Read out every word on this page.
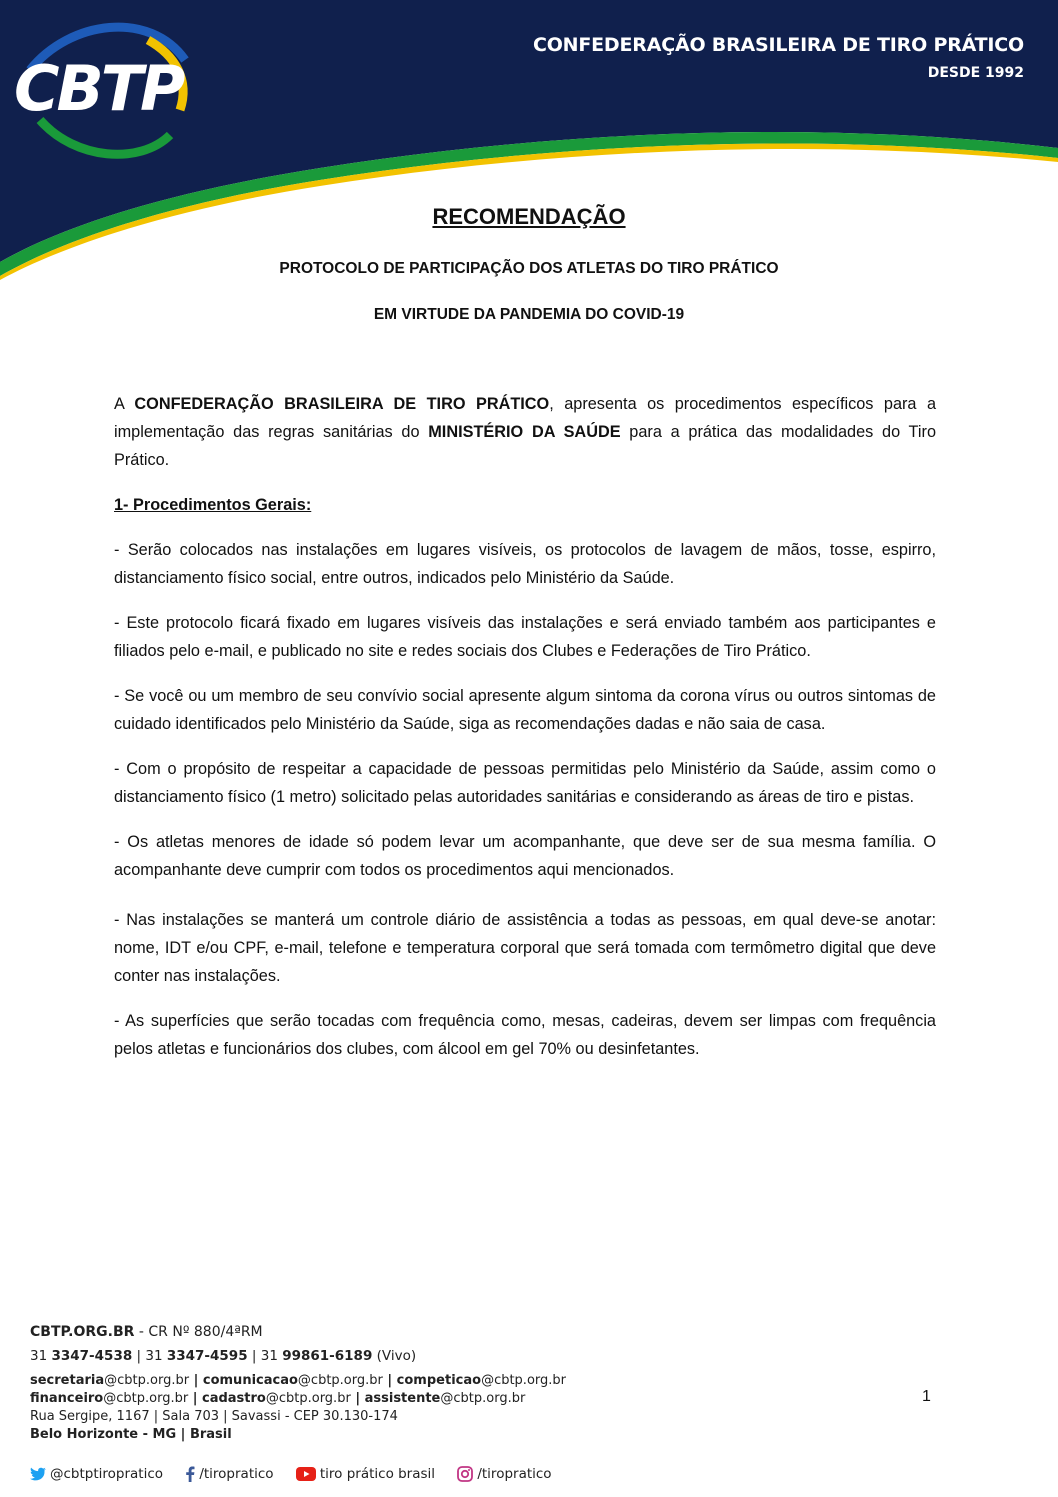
CBTP
CONFEDERAÇÃO BRASILEIRA DE TIRO PRÁTICO
DESDE 1992
RECOMENDAÇÃO
PROTOCOLO DE PARTICIPAÇÃO DOS ATLETAS DO TIRO PRÁTICO
EM VIRTUDE DA PANDEMIA DO COVID-19

A CONFEDERAÇÃO BRASILEIRA DE TIRO PRÁTICO, apresenta os procedimentos específicos para a implementação das regras sanitárias do MINISTÉRIO DA SAÚDE para a prática das modalidades do Tiro Prático.

1- Procedimentos Gerais:

- Serão colocados nas instalações em lugares visíveis, os protocolos de lavagem de mãos, tosse, espirro, distanciamento físico social, entre outros, indicados pelo Ministério da Saúde.

- Este protocolo ficará fixado em lugares visíveis das instalações e será enviado também aos participantes e filiados pelo e-mail, e publicado no site e redes sociais dos Clubes e Federações de Tiro Prático.

- Se você ou um membro de seu convívio social apresente algum sintoma da corona vírus ou outros sintomas de cuidado identificados pelo Ministério da Saúde, siga as recomendações dadas e não saia de casa.

- Com o propósito de respeitar a capacidade de pessoas permitidas pelo Ministério da Saúde, assim como o distanciamento físico (1 metro) solicitado pelas autoridades sanitárias e considerando as áreas de tiro e pistas.

- Os atletas menores de idade só podem levar um acompanhante, que deve ser de sua mesma família. O acompanhante deve cumprir com todos os procedimentos aqui mencionados.

- Nas instalações se manterá um controle diário de assistência a todas as pessoas, em qual deve-se anotar: nome, IDT e/ou CPF, e-mail, telefone e temperatura corporal que será tomada com termômetro digital que deve conter nas instalações.

- As superfícies que serão tocadas com frequência como, mesas, cadeiras, devem ser limpas com frequência pelos atletas e funcionários dos clubes, com álcool em gel 70% ou desinfetantes.

1
CBTP.ORG.BR - CR Nº 880/4ªRM
31 3347-4538 | 31 3347-4595 | 31 99861-6189 (Vivo)
secretaria@cbtp.org.br | comunicacao@cbtp.org.br | competicao@cbtp.org.br
financeiro@cbtp.org.br | cadastro@cbtp.org.br | assistente@cbtp.org.br
Rua Sergipe, 1167 | Sala 703 | Savassi - CEP 30.130-174
Belo Horizonte - MG | Brasil
@cbtptiropratico	/tiropratico	tiro prático brasil	/tiropratico
